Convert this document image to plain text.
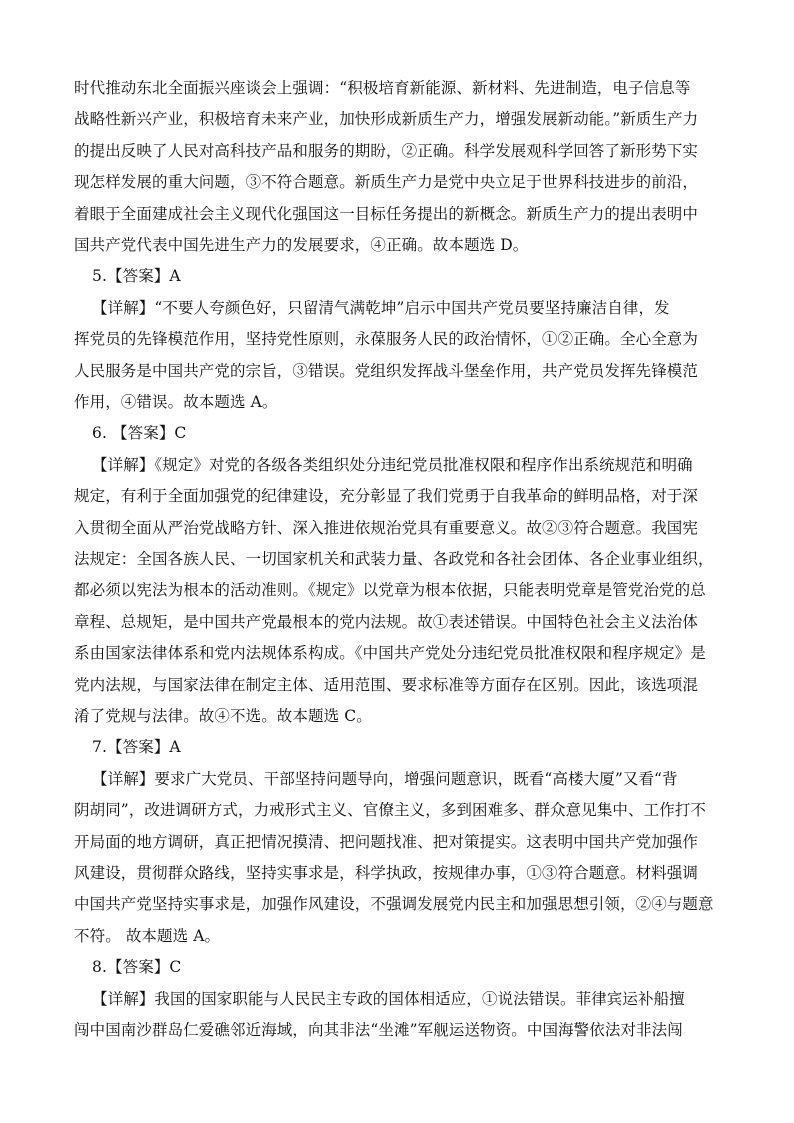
时代推动东北全面振兴座谈会上强调：“积极培育新能源、新材料、先进制造，电子信息等
战略性新兴产业，积极培育未来产业，加快形成新质生产力，增强发展新动能。”新质生产力
的提出反映了人民对高科技产品和服务的期盼，②正确。科学发展观科学回答了新形势下实
现怎样发展的重大问题，③不符合题意。新质生产力是党中央立足于世界科技进步的前沿，
着眼于全面建成社会主义现代化强国这一目标任务提出的新概念。新质生产力的提出表明中
国共产党代表中国先进生产力的发展要求，④正确。故本题选 D。
5.【答案】A
【详解】“不要人夸颜色好，只留清气满乾坤”启示中国共产党员要坚持廉洁自律，发
挥党员的先锋模范作用，坚持党性原则，永葆服务人民的政治情怀，①②正确。全心全意为
人民服务是中国共产党的宗旨，③错误。党组织发挥战斗堡垒作用，共产党员发挥先锋模范
作用，④错误。故本题选 A。
6. 【答案】C
【详解】《规定》对党的各级各类组织处分违纪党员批准权限和程序作出系统规范和明确
规定，有利于全面加强党的纪律建设，充分彰显了我们党勇于自我革命的鲜明品格，对于深
入贯彻全面从严治党战略方针、深入推进依规治党具有重要意义。故②③符合题意。我国宪
法规定：全国各族人民、一切国家机关和武装力量、各政党和各社会团体、各企业事业组织，
都必须以宪法为根本的活动准则。《规定》以党章为根本依据，只能表明党章是管党治党的总
章程、总规矩，是中国共产党最根本的党内法规。故①表述错误。中国特色社会主义法治体
系由国家法律体系和党内法规体系构成。《中国共产党处分违纪党员批准权限和程序规定》是
党内法规，与国家法律在制定主体、适用范围、要求标准等方面存在区别。因此，该选项混
淆了党规与法律。故④不选。故本题选 C。
7.【答案】A
【详解】要求广大党员、干部坚持问题导向，增强问题意识，既看“高楼大厦”又看“背
阴胡同”，改进调研方式，力戒形式主义、官僚主义，多到困难多、群众意见集中、工作打不
开局面的地方调研，真正把情况摸清、把问题找准、把对策提实。这表明中国共产党加强作
风建设，贯彻群众路线，坚持实事求是，科学执政，按规律办事，①③符合题意。材料强调
中国共产党坚持实事求是，加强作风建设，不强调发展党内民主和加强思想引领，②④与题意
不符。 故本题选 A。
8.【答案】C
【详解】我国的国家职能与人民民主专政的国体相适应，①说法错误。菲律宾运补船擅
闯中国南沙群岛仁爱礁邻近海域，向其非法“坐滩”军舰运送物资。中国海警依法对非法闯
